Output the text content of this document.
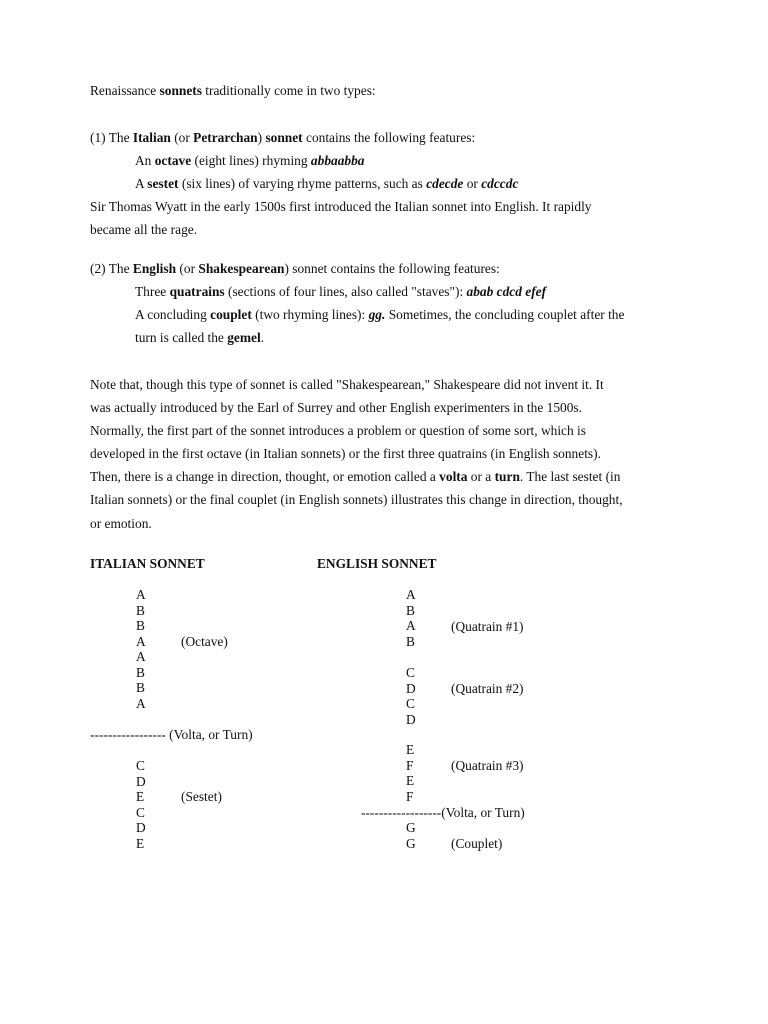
Renaissance sonnets traditionally come in two types:
(1) The Italian (or Petrarchan) sonnet contains the following features:
An octave (eight lines) rhyming abbaabba
A sestet (six lines) of varying rhyme patterns, such as cdecde or cdccdc
Sir Thomas Wyatt in the early 1500s first introduced the Italian sonnet into English. It rapidly
became all the rage.
(2) The English (or Shakespearean) sonnet contains the following features:
Three quatrains (sections of four lines, also called "staves"): abab cdcd efef
A concluding couplet (two rhyming lines): gg. Sometimes, the concluding couplet after the
turn is called the gemel.
Note that, though this type of sonnet is called "Shakespearean," Shakespeare did not invent it. It
was actually introduced by the Earl of Surrey and other English experimenters in the 1500s.
Normally, the first part of the sonnet introduces a problem or question of some sort, which is
developed in the first octave (in Italian sonnets) or the first three quatrains (in English sonnets).
Then, there is a change in direction, thought, or emotion called a volta or a turn. The last sestet (in
Italian sonnets) or the final couplet (in English sonnets) illustrates this change in direction, thought,
or emotion.
ITALIAN SONNET	ENGLISH SONNET
(Octave)
----------------- (Volta, or Turn)
(Sestet)
(Quatrain #1)
(Quatrain #2)
(Quatrain #3)
------------------(Volta, or Turn)
(Couplet)
A
B
B
A
A
B
B
A
C
D
E
C
D
E
A
B
A
B
C
D
C
D
E
F
E
F
G
G
